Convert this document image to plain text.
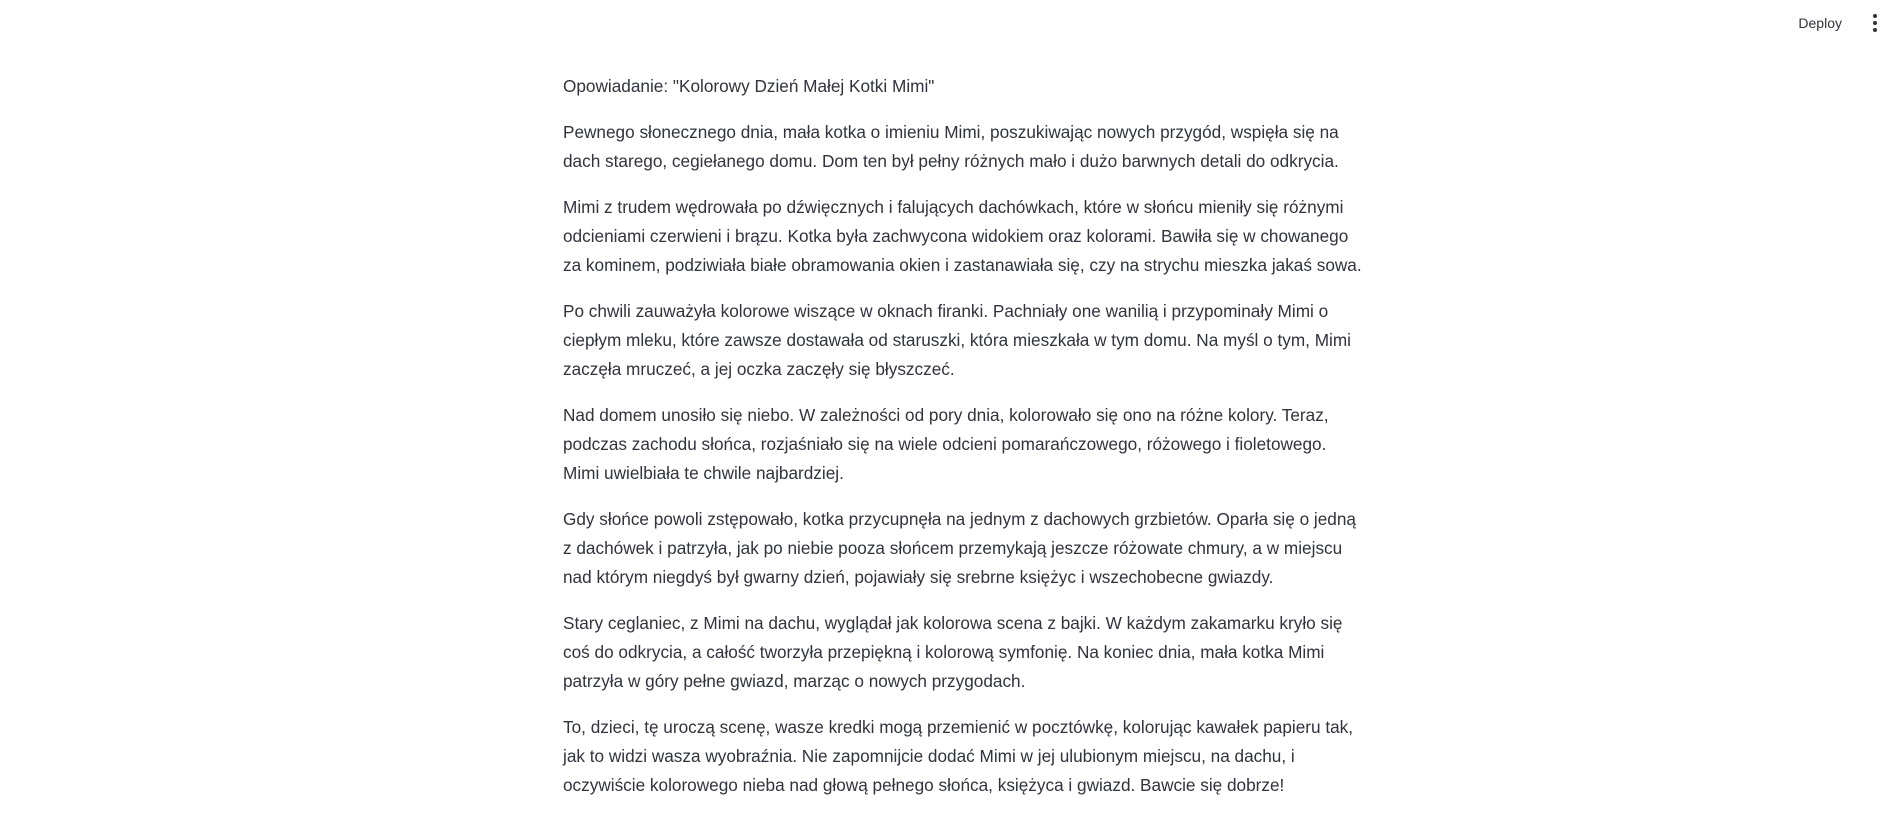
Deploy

Opowiadanie: "Kolorowy Dzień Małej Kotki Mimi"

Pewnego słonecznego dnia, mała kotka o imieniu Mimi, poszukiwając nowych przygód, wspięła się na dach starego, cegiełanego domu. Dom ten był pełny różnych mało i dużo barwnych detali do odkrycia.

Mimi z trudem wędrowała po dźwięcznych i falujących dachówkach, które w słońcu mieniły się różnymi odcieniami czerwieni i brązu. Kotka była zachwycona widokiem oraz kolorami. Bawiła się w chowanego za kominem, podziwiała białe obramowania okien i zastanawiała się, czy na strychu mieszka jakaś sowa.

Po chwili zauważyła kolorowe wiszące w oknach firanki. Pachniały one wanilią i przypominały Mimi o ciepłym mleku, które zawsze dostawała od staruszki, która mieszkała w tym domu. Na myśl o tym, Mimi zaczęła mruczeć, a jej oczka zaczęły się błyszczeć.

Nad domem unosiło się niebo. W zależności od pory dnia, kolorowało się ono na różne kolory. Teraz, podczas zachodu słońca, rozjaśniało się na wiele odcieni pomarańczowego, różowego i fioletowego. Mimi uwielbiała te chwile najbardziej.

Gdy słońce powoli zstępowało, kotka przycupnęła na jednym z dachowych grzbietów. Oparła się o jedną z dachówek i patrzyła, jak po niebie pooza słońcem przemykają jeszcze różowate chmury, a w miejscu nad którym niegdyś był gwarny dzień, pojawiały się srebrne księżyc i wszechobecne gwiazdy.

Stary ceglaniec, z Mimi na dachu, wyglądał jak kolorowa scena z bajki. W każdym zakamarku kryło się coś do odkrycia, a całość tworzyła przepiękną i kolorową symfonię. Na koniec dnia, mała kotka Mimi patrzyła w góry pełne gwiazd, marząc o nowych przygodach.

To, dzieci, tę uroczą scenę, wasze kredki mogą przemienić w pocztówkę, kolorując kawałek papieru tak, jak to widzi wasza wyobraźnia. Nie zapomnijcie dodać Mimi w jej ulubionym miejscu, na dachu, i oczywiście kolorowego nieba nad głową pełnego słońca, księżyca i gwiazd. Bawcie się dobrze!
